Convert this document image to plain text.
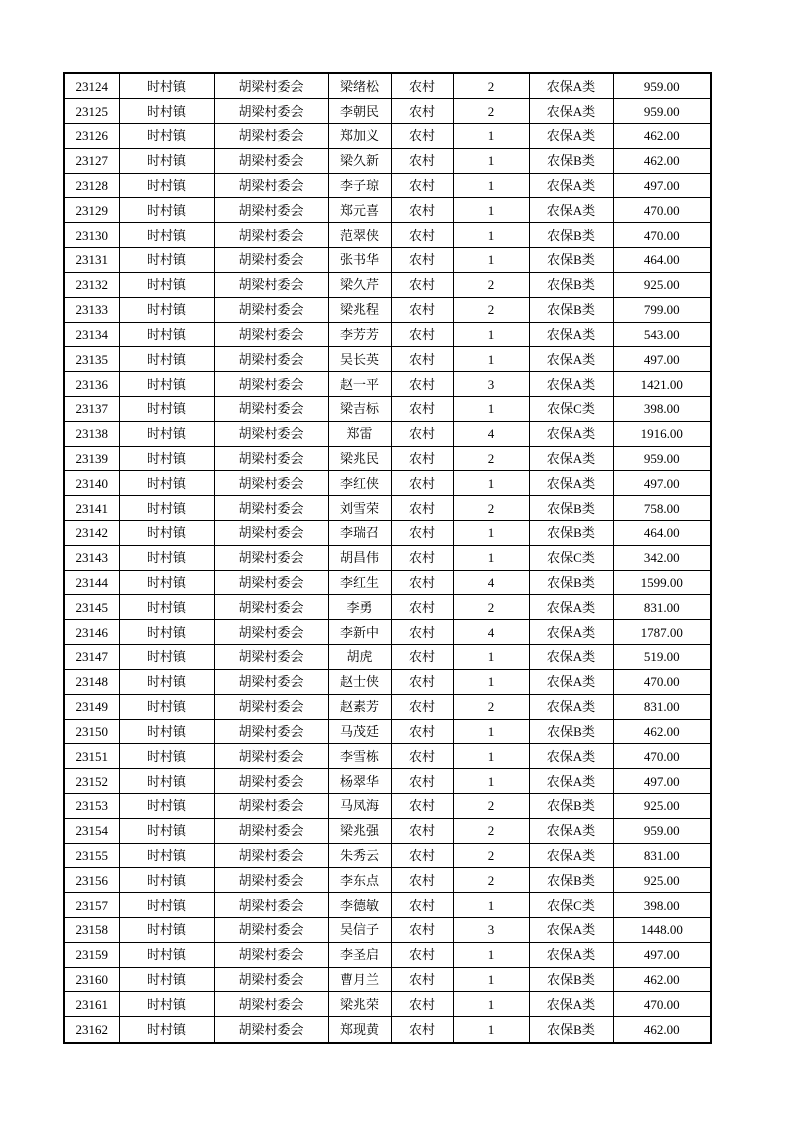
23124	时村镇	胡梁村委会	梁绪松	农村	2	农保A类	959.00
23125	时村镇	胡梁村委会	李朝民	农村	2	农保A类	959.00
23126	时村镇	胡梁村委会	郑加义	农村	1	农保A类	462.00
23127	时村镇	胡梁村委会	梁久新	农村	1	农保B类	462.00
23128	时村镇	胡梁村委会	李子琼	农村	1	农保A类	497.00
23129	时村镇	胡梁村委会	郑元喜	农村	1	农保A类	470.00
23130	时村镇	胡梁村委会	范翠侠	农村	1	农保B类	470.00
23131	时村镇	胡梁村委会	张书华	农村	1	农保B类	464.00
23132	时村镇	胡梁村委会	梁久芹	农村	2	农保B类	925.00
23133	时村镇	胡梁村委会	梁兆程	农村	2	农保B类	799.00
23134	时村镇	胡梁村委会	李芳芳	农村	1	农保A类	543.00
23135	时村镇	胡梁村委会	吴长英	农村	1	农保A类	497.00
23136	时村镇	胡梁村委会	赵一平	农村	3	农保A类	1421.00
23137	时村镇	胡梁村委会	梁吉标	农村	1	农保C类	398.00
23138	时村镇	胡梁村委会	郑雷	农村	4	农保A类	1916.00
23139	时村镇	胡梁村委会	梁兆民	农村	2	农保A类	959.00
23140	时村镇	胡梁村委会	李红侠	农村	1	农保A类	497.00
23141	时村镇	胡梁村委会	刘雪荣	农村	2	农保B类	758.00
23142	时村镇	胡梁村委会	李瑞召	农村	1	农保B类	464.00
23143	时村镇	胡梁村委会	胡昌伟	农村	1	农保C类	342.00
23144	时村镇	胡梁村委会	李红生	农村	4	农保B类	1599.00
23145	时村镇	胡梁村委会	李勇	农村	2	农保A类	831.00
23146	时村镇	胡梁村委会	李新中	农村	4	农保A类	1787.00
23147	时村镇	胡梁村委会	胡虎	农村	1	农保A类	519.00
23148	时村镇	胡梁村委会	赵士侠	农村	1	农保A类	470.00
23149	时村镇	胡梁村委会	赵素芳	农村	2	农保A类	831.00
23150	时村镇	胡梁村委会	马茂廷	农村	1	农保B类	462.00
23151	时村镇	胡梁村委会	李雪栋	农村	1	农保A类	470.00
23152	时村镇	胡梁村委会	杨翠华	农村	1	农保A类	497.00
23153	时村镇	胡梁村委会	马凤海	农村	2	农保B类	925.00
23154	时村镇	胡梁村委会	梁兆强	农村	2	农保A类	959.00
23155	时村镇	胡梁村委会	朱秀云	农村	2	农保A类	831.00
23156	时村镇	胡梁村委会	李东点	农村	2	农保B类	925.00
23157	时村镇	胡梁村委会	李德敏	农村	1	农保C类	398.00
23158	时村镇	胡梁村委会	吴信子	农村	3	农保A类	1448.00
23159	时村镇	胡梁村委会	李圣启	农村	1	农保A类	497.00
23160	时村镇	胡梁村委会	曹月兰	农村	1	农保B类	462.00
23161	时村镇	胡梁村委会	梁兆荣	农村	1	农保A类	470.00
23162	时村镇	胡梁村委会	郑现黄	农村	1	农保B类	462.00
